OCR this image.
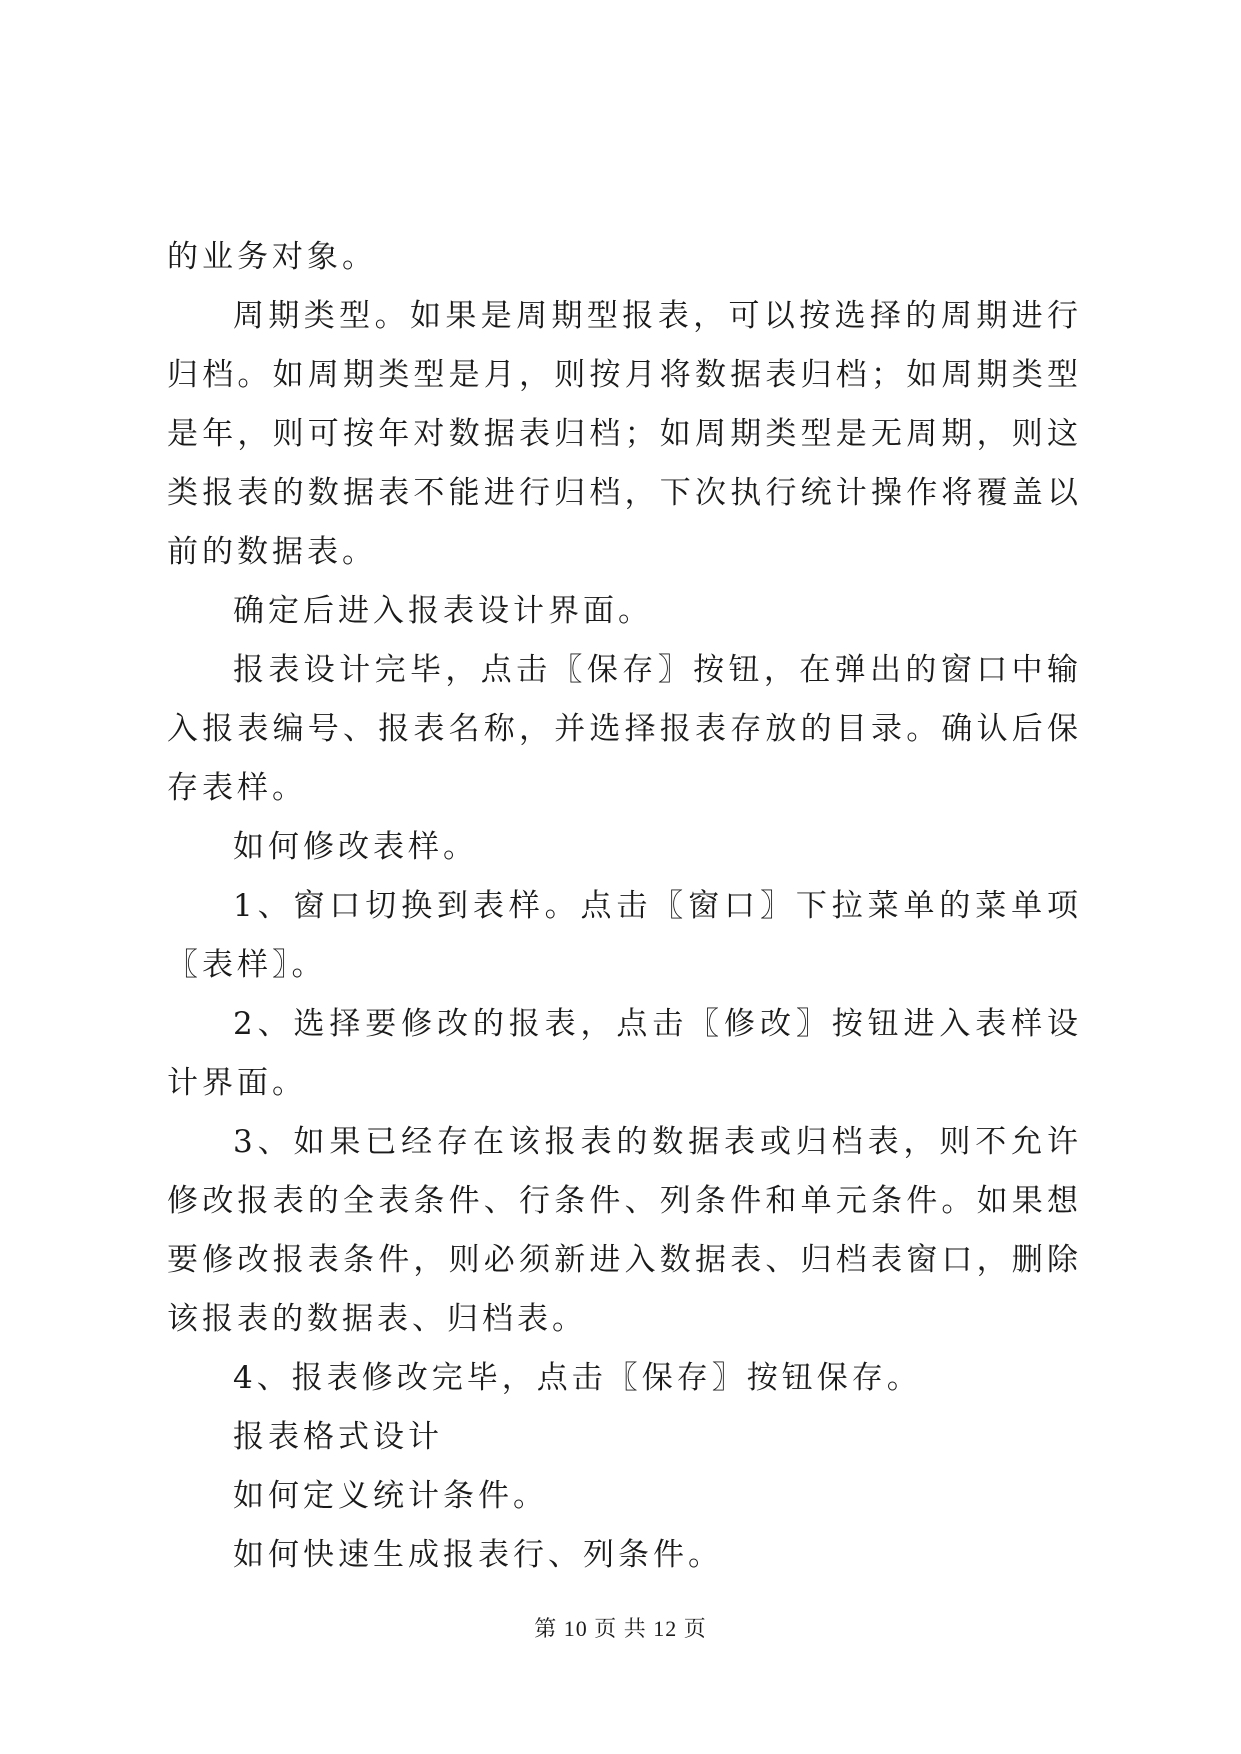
的业务对象。

周期类型。如果是周期型报表，可以按选择的周期进行归档。如周期类型是月，则按月将数据表归档；如周期类型是年，则可按年对数据表归档；如周期类型是无周期，则这类报表的数据表不能进行归档，下次执行统计操作将覆盖以前的数据表。

确定后进入报表设计界面。

报表设计完毕，点击〖保存〗按钮，在弹出的窗口中输入报表编号、报表名称，并选择报表存放的目录。确认后保存表样。

如何修改表样。

1、窗口切换到表样。点击〖窗口〗下拉菜单的菜单项〖表样〗。

2、选择要修改的报表，点击〖修改〗按钮进入表样设计界面。

3、如果已经存在该报表的数据表或归档表，则不允许修改报表的全表条件、行条件、列条件和单元条件。如果想要修改报表条件，则必须新进入数据表、归档表窗口，删除该报表的数据表、归档表。

4、报表修改完毕，点击〖保存〗按钮保存。

报表格式设计

如何定义统计条件。

如何快速生成报表行、列条件。

第 10 页 共 12 页
